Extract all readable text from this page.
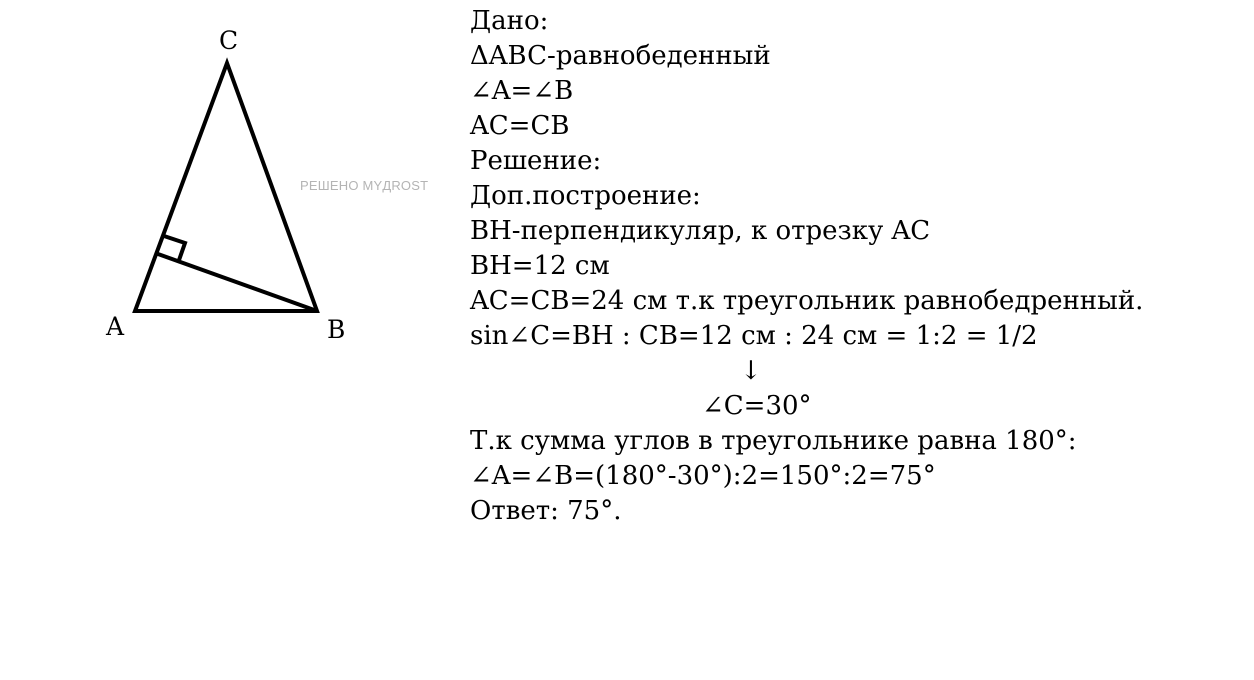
C
A	B
РЕШЕНО MYДROST
Дано:
ΔABC-равнобеденный
∠A=∠B
AC=CB
Решение:
Доп.построение:
BH-перпендикуляр, к отрезку AC
BH=12 см
AC=CB=24 см т.к треугольник равнобедренный.
sin∠C=BH : CB=12 см : 24 см = 1:2 = 1/2
↓
∠C=30°
Т.к сумма углов в треугольнике равна 180°:
∠A=∠B=(180°-30°):2=150°:2=75°
Ответ: 75°.
